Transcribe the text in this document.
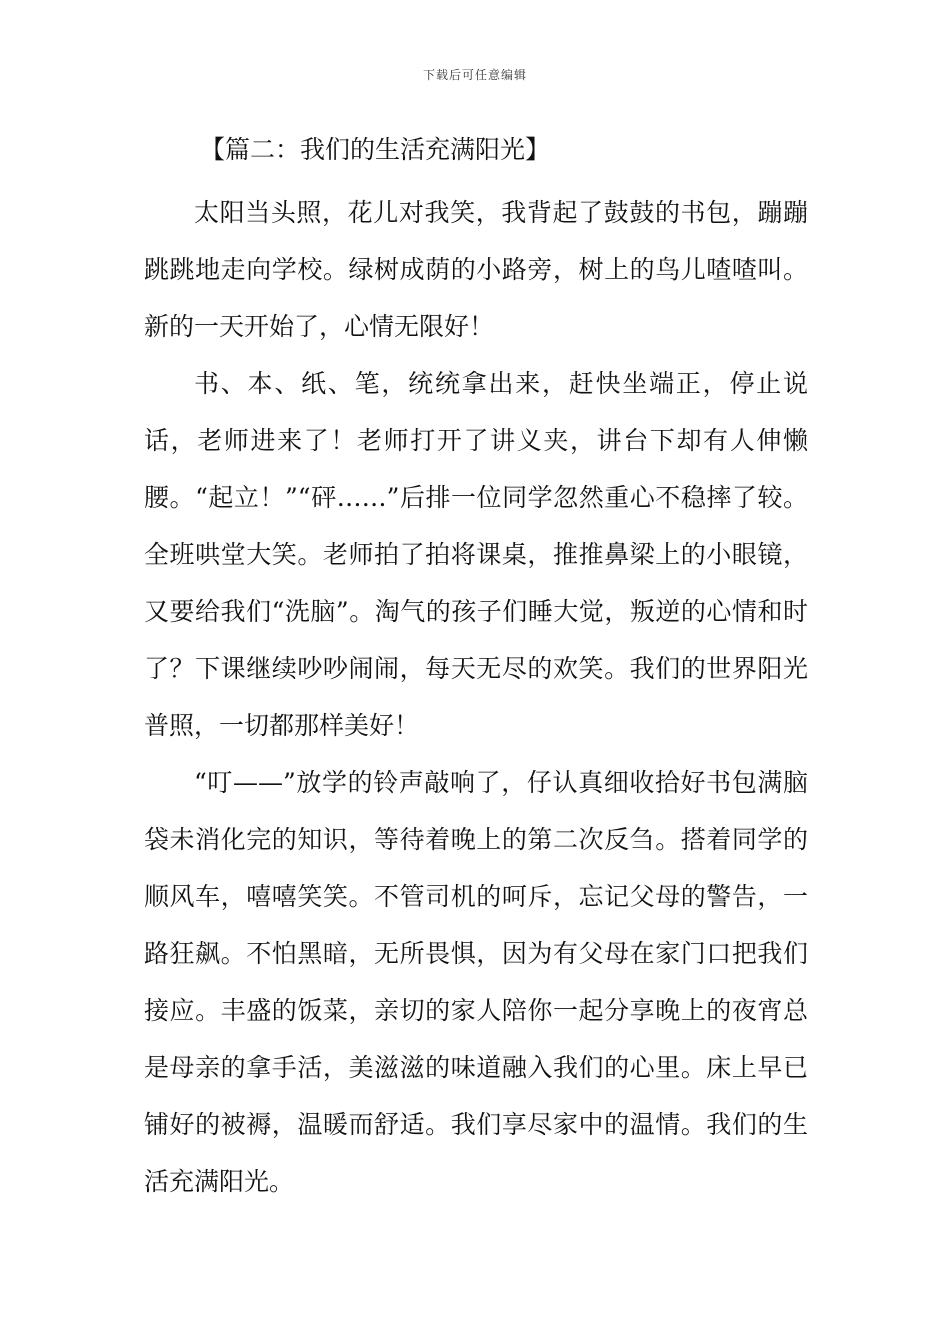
下载后可任意编辑
【篇二：我们的生活充满阳光】

太阳当头照，花儿对我笑，我背起了鼓鼓的书包，蹦蹦跳跳地走向学校。绿树成荫的小路旁，树上的鸟儿喳喳叫。新的一天开始了，心情无限好！

书、本、纸、笔，统统拿出来，赶快坐端正，停止说话，老师进来了！老师打开了讲义夹，讲台下却有人伸懒腰。“起立！”“砰……”后排一位同学忽然重心不稳摔了较。全班哄堂大笑。老师拍了拍将课桌，推推鼻梁上的小眼镜，又要给我们“洗脑”。淘气的孩子们睡大觉，叛逆的心情和时了？下课继续吵吵闹闹，每天无尽的欢笑。我们的世界阳光普照，一切都那样美好！

“叮——”放学的铃声敲响了，仔认真细收拾好书包满脑袋未消化完的知识，等待着晚上的第二次反刍。搭着同学的顺风车，嘻嘻笑笑。不管司机的呵斥，忘记父母的警告，一路狂飙。不怕黑暗，无所畏惧，因为有父母在家门口把我们接应。丰盛的饭菜，亲切的家人陪你一起分享晚上的夜宵总是母亲的拿手活，美滋滋的味道融入我们的心里。床上早已铺好的被褥，温暖而舒适。我们享尽家中的温情。我们的生活充满阳光。
